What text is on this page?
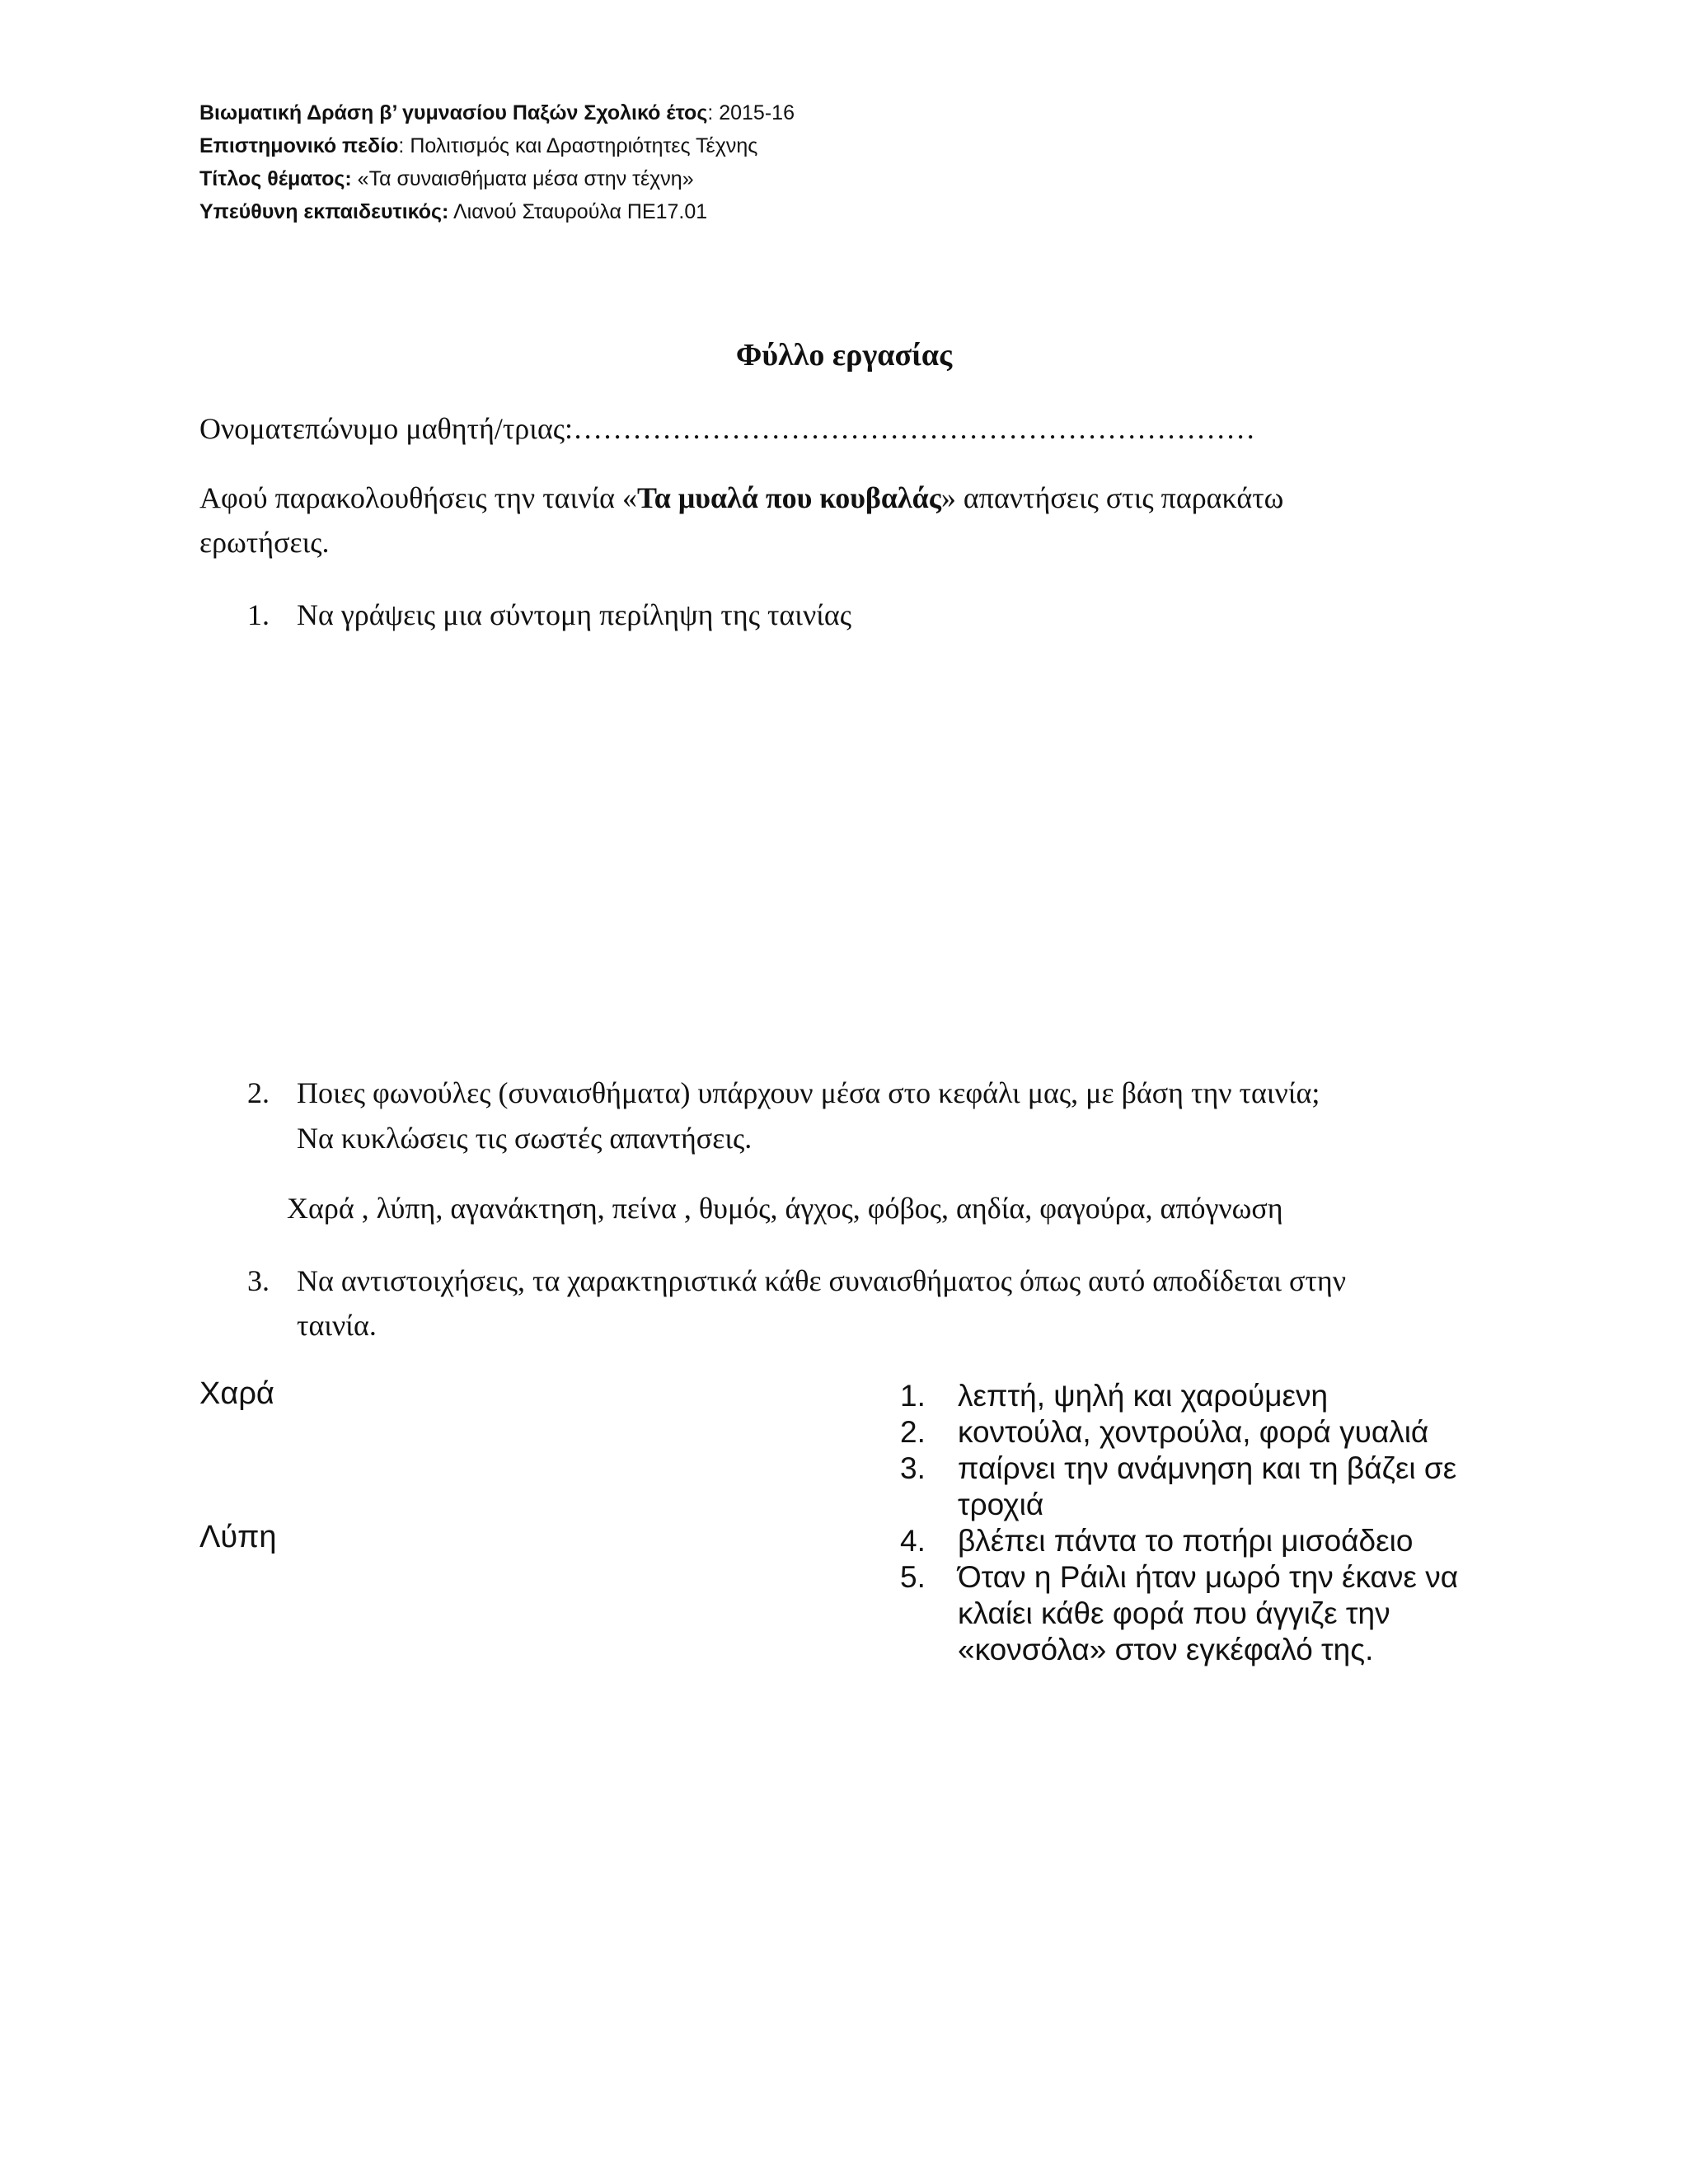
Βιωματική Δράση β’ γυμνασίου Παξών Σχολικό έτος: 2015-16
Επιστημονικό πεδίο: Πολιτισμός και Δραστηριότητες Τέχνης
Τίτλος θέματος: «Τα συναισθήματα μέσα στην τέχνη»
Υπεύθυνη εκπαιδευτικός: Λιανού Σταυρούλα ΠΕ17.01
Φύλλο εργασίας
Ονοματεπώνυμο μαθητή/τριας:……………………………………………………………
Αφού παρακολουθήσεις την ταινία «Τα μυαλά που κουβαλάς» απαντήσεις στις παρακάτω
ερωτήσεις.
1. Να γράψεις μια σύντομη περίληψη της ταινίας
2. Ποιες φωνούλες (συναισθήματα) υπάρχουν μέσα στο κεφάλι μας, με βάση την ταινία;
Να κυκλώσεις τις σωστές απαντήσεις.
Χαρά , λύπη, αγανάκτηση, πείνα , θυμός, άγχος, φόβος, αηδία, φαγούρα, απόγνωση
3. Να αντιστοιχήσεις, τα χαρακτηριστικά κάθε συναισθήματος όπως αυτό αποδίδεται στην
ταινία.
Χαρά
Λύπη
1. λεπτή, ψηλή και χαρούμενη
2. κοντούλα, χοντρούλα, φορά γυαλιά
3. παίρνει την ανάμνηση και τη βάζει σε
τροχιά
4. βλέπει πάντα το ποτήρι μισοάδειο
5. Όταν η Ράιλι ήταν μωρό την έκανε να
κλαίει κάθε φορά που άγγιζε την
«κονσόλα» στον εγκέφαλό της.
